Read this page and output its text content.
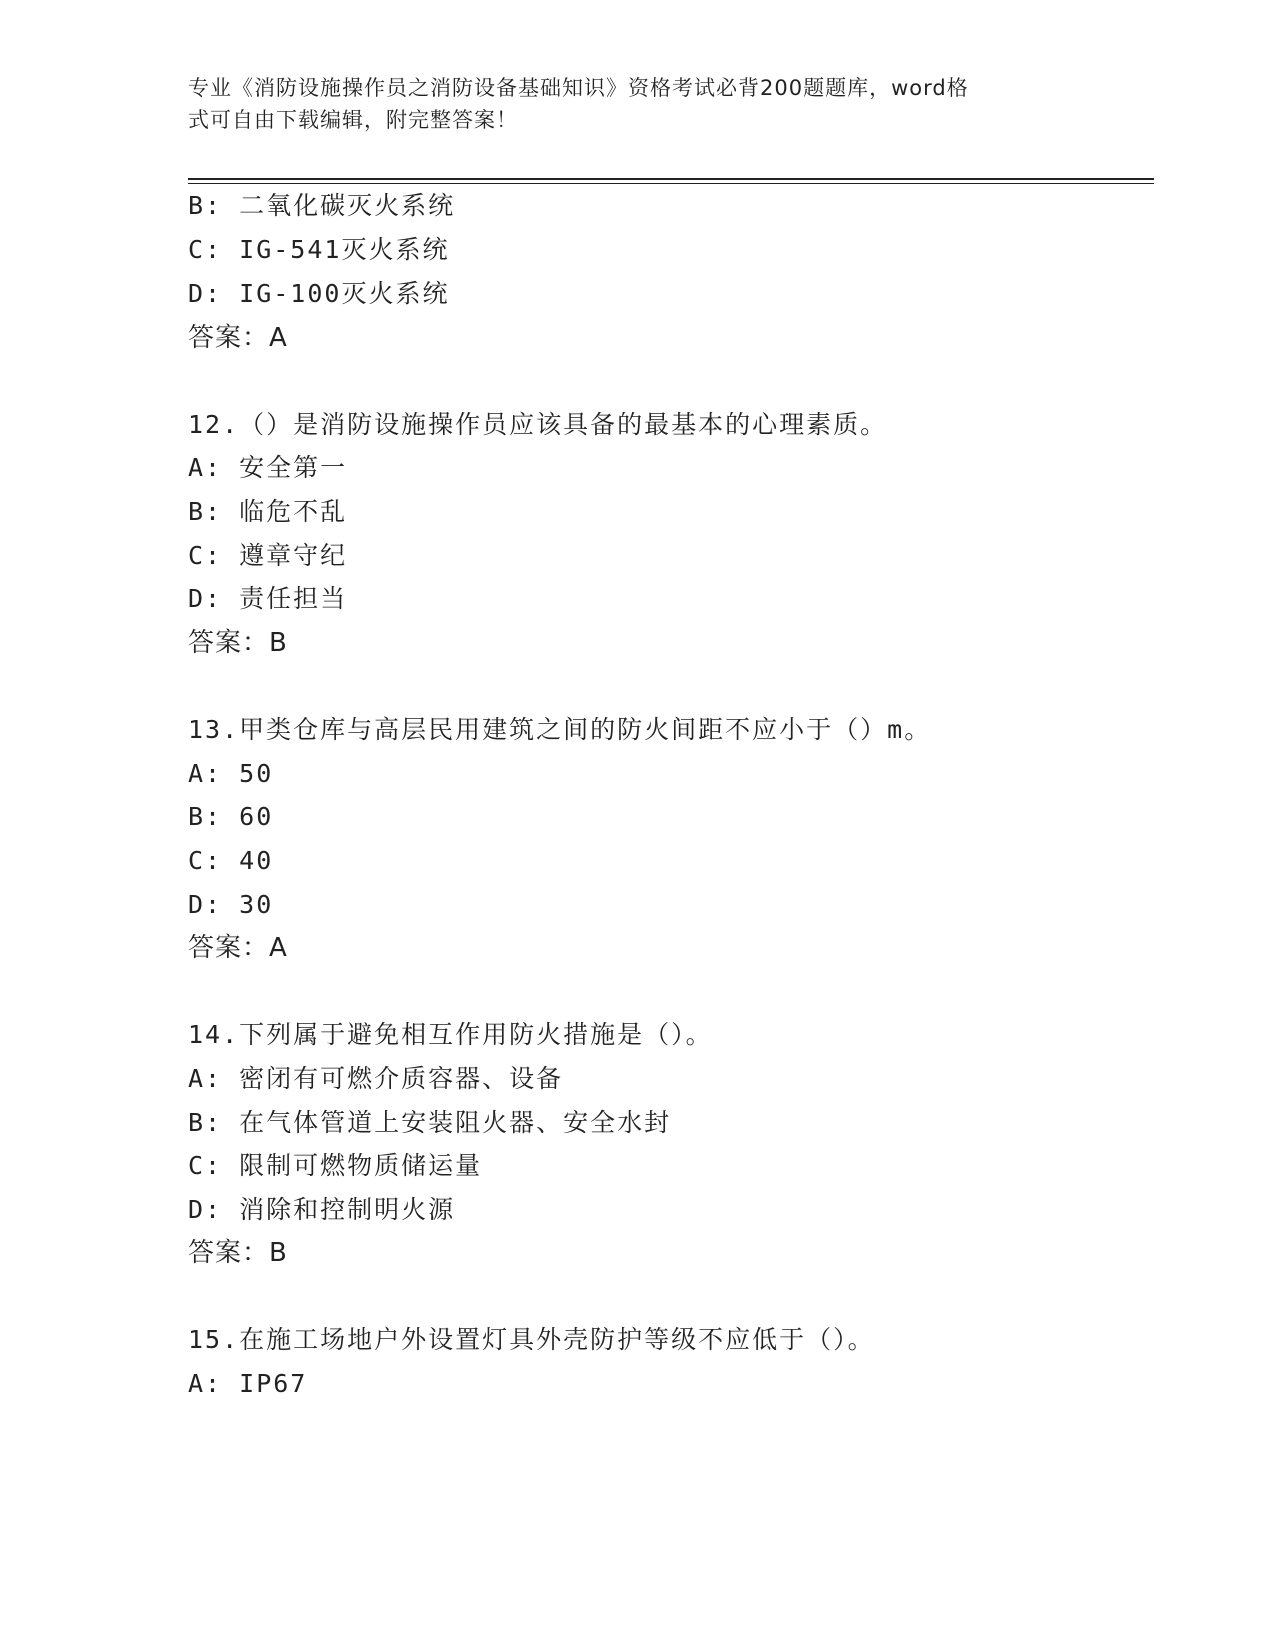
专业《消防设施操作员之消防设备基础知识》资格考试必背200题题库，word格
式可自由下载编辑，附完整答案！
B: 二氧化碳灭火系统
C: IG-541灭火系统
D: IG-100灭火系统
答案：A
12.（）是消防设施操作员应该具备的最基本的心理素质。
A: 安全第一
B: 临危不乱
C: 遵章守纪
D: 责任担当
答案：B
13.甲类仓库与高层民用建筑之间的防火间距不应小于（）m。
A: 50
B: 60
C: 40
D: 30
答案：A
14.下列属于避免相互作用防火措施是（）。
A: 密闭有可燃介质容器、设备
B: 在气体管道上安装阻火器、安全水封
C: 限制可燃物质储运量
D: 消除和控制明火源
答案：B
15.在施工场地户外设置灯具外壳防护等级不应低于（）。
A: IP67
